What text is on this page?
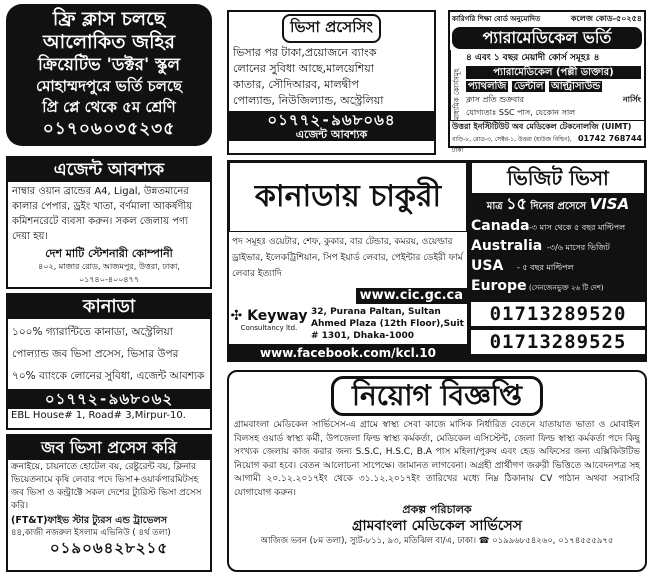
ফ্রি ক্লাস চলছে
আলোকিত জহির
ক্রিয়েটিভ 'ডক্টর' স্কুল
মোহাম্মদপুরে ভর্তি চলছে
প্রি প্লে থেকে ৫ম শ্রেণি
০১৭০৬০৩৫২৩৫
ভিসা প্রসেসিং
ভিসার পর টাকা,প্রয়োজনে ব্যাংক
লোনের সুবিধা আছে,মালয়েশিয়া
কাতার, সৌদিআরব, মালদ্বীপ
পোল্যান্ড, নিউজিল্যান্ড, অস্ট্রেলিয়া
০১৭৭২-৯৬৮০৬৪
এজেন্ট আবশ্যক
কারিগরি শিক্ষা বোর্ড অনুমোদিত	কলেজ কোড-৫০২৫৪
প্যারামেডিকেল ভর্তি
মাধ্যমিক কোর্সসমূহ
৪ এবং ১ বছর মেয়াদী কোর্স সমূহঃ ৪
প্যারামেডিকেল (পল্লী ডাক্তার)
প্যাথলজি ডেন্টাল আল্ট্রাসাউন্ড
ক্লাস প্রতি শুক্রবার	নার্সিং
যোগ্যতাঃ SSC পাস, যেকোন সাল
উত্তরা ইনস্টিটিউট অব মেডিকেল টেকনোলজি (UIMT)
বাড়ি-৮, রোড-৩, সেক্টর-১, উত্তরা (হাউজ বিল্ডিং), ঢাকা
01742 768744
এজেন্ট আবশ্যক
নাম্বার ওয়ান ব্রান্ডের A4, Ligal, উন্নতমানের কালার পেপার, ড্রইং খাতা, বর্ণমালা আকর্ষণীয় কমিশনরেটে ব্যবসা করুন। সকল জেলায় পণ্য দেয়া হয়।
দেশ মাটি স্টেশনারী কোম্পানী
৪০২, মাজার রোড, আজমপুর, উত্তরা, ঢাকা, ০১৭৪০-৪০০৪৭৭
কানাডা
১০০% গ্যারান্টিতে কানাডা, অস্ট্রেলিয়া
পোল্যান্ড জব ভিসা প্রসেস, ভিসার উপর
৭০% ব্যাংকে লোনের সুবিধা, এজেন্ট আবশ্যক
০১৭৭২-৯৬৮০৬২
EBL House# 1, Road# 3,Mirpur-10.
জব ভিসা প্রসেস করি
ক্রনাইয়ে, চায়নাতে হোটেল বয়, রেষ্টুরেন্ট বয়, ক্লিনার ভিয়েতনামে কৃষি লেবার পদে ভিসা+ওয়ার্কপারমিটসহ জব ভিসা ও কন্ট্রাক্টে সকল দেশের ট্যুরিস্ট ভিসা প্রসেস করি।
(FT&T)ফাইভ স্টার ট্যুরস এন্ড ট্রাভেলস
৪৪,কাজী নজরুল ইসলাম এভিনিউ ( ৪র্থ তলা)
০১৯০৬৪২৮২১৫
কানাডায় চাকুরী
পদ সমূহঃ ওয়েটার, শেফ, কুকার, বার টেন্ডার, কমরয়, ওয়েল্ডার ড্রাইভার, ইলেকট্রিশিয়ান, সিপ ইয়ার্ড লেবার, পেইন্টার ডেইরী ফার্ম লেবার ইত্যাদি
www.cic.gc.ca
✣ Keyway
Consultancy ltd.
32, Purana Paltan, Sultan Ahmed Plaza (12th Floor),Suit # 1301, Dhaka-1000
www.facebook.com/kcl.10
ভিজিট ভিসা
মাত্র ১৫ দিনের প্রসেসে VISA
Canada -৩ মাস থেকে ৫ বছর মাল্টিপল
Australia -৩/৬ মাসের ভিজিট
USA	- ৫ বছর মাল্টিপল
Europe (সেনজেনভুক্ত ২৬ টি দেশ)
01713289520
01713289525
নিয়োগ বিজ্ঞপ্তি
গ্রামবাংলা মেডিকেল সার্ভিসেস-এ গ্রামে স্বাস্থ্য সেবা কাজে মাসিক নির্ধারিত বেতনে যাতায়াত ভাতা ও মোবাইল বিলসহ ওয়ার্ড স্বাস্থ্য কর্মী, উপজেলা ফিল্ড স্বাস্থ্য কর্মকর্তা, মেডিকেল এসিস্টেন্ট, জেলা ফিল্ড স্বাস্থ্য কর্মকর্তা পদে কিছু সংখ্যক জেলায় কাজ করার জন্য S.S.C, H.S.C, B.A পাস মহিলা/পুরুষ এবং হেড অফিসের জন্য এক্সিকিউটিভ নিয়োগ করা হবে। বেতন আলোচনা সাপেক্ষে। জামানত লাগবেনা। অগ্রহী প্রার্থীগণ জরুরী ভিত্তিতে আবেদনপত্র সহ আগামী ২০.১২.২০১৭ইং থেকে ৩১.১২.২০১৭ইং তারিখের মধ্যে নিম্ন ঠিকানায় CV পাঠান অথবা সরাসরি যোগাযোগ করুন।
প্রকল্প পরিচালক
গ্রামবাংলা মেডিকেল সার্ভিসেস
আজিজ ভবন (৮ম তলা), স্যুট-৮১১, ৯৩, মতিঝিল বা/এ, ঢাকা। ☎ ০১৯৯৬৮৫৪২৬০, ০১৭৪৫৫৫৯৭৫
